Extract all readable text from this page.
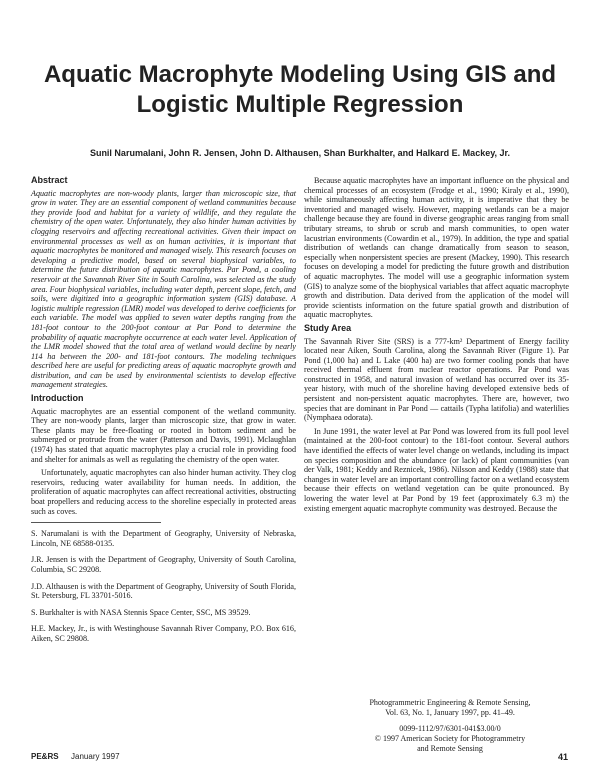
Aquatic Macrophyte Modeling Using GIS and
Logistic Multiple Regression
Sunil Narumalani, John R. Jensen, John D. Althausen, Shan Burkhalter, and Halkard E. Mackey, Jr.
Abstract

Aquatic macrophytes are non-woody plants, larger than microscopic size, that grow in water. They are an essential component of wetland communities because they provide food and habitat for a variety of wildlife, and they regulate the chemistry of the open water. Unfortunately, they also hinder human activities by clogging reservoirs and affecting recreational activities. Given their impact on environmental processes as well as on human activities, it is important that aquatic macrophytes be monitored and managed wisely. This research focuses on developing a predictive model, based on several biophysical variables, to determine the future distribution of aquatic macrophytes. Par Pond, a cooling reservoir at the Savannah River Site in South Carolina, was selected as the study area. Four biophysical variables, including water depth, percent slope, fetch, and soils, were digitized into a geographic information system (GIS) database. A logistic multiple regression (LMR) model was developed to derive coefficients for each variable. The model was applied to seven water depths ranging from the 181-foot contour to the 200-foot contour at Par Pond to determine the probability of aquatic macrophyte occurrence at each water level. Application of the LMR model showed that the total area of wetland would decline by nearly 114 ha between the 200- and 181-foot contours. The modeling techniques described here are useful for predicting areas of aquatic macrophyte growth and distribution, and can be used by environmental scientists to develop effective management strategies.

Introduction

Aquatic macrophytes are an essential component of the wetland community. They are non-woody plants, larger than microscopic size, that grow in water. These plants may be free-floating or rooted in bottom sediment and be submerged or protrude from the water (Patterson and Davis, 1991). Mclaughlan (1974) has stated that aquatic macrophytes play a crucial role in providing food and shelter for animals as well as regulating the chemistry of the open water.

Unfortunately, aquatic macrophytes can also hinder human activity. They clog reservoirs, reducing water availability for human needs. In addition, the proliferation of aquatic macrophytes can affect recreational activities, obstructing boat propellers and reducing access to the shoreline especially in protected areas such as coves.

S. Narumalani is with the Department of Geography, University of Nebraska, Lincoln, NE 68588-0135.
J.R. Jensen is with the Department of Geography, University of South Carolina, Columbia, SC 29208.
J.D. Althausen is with the Department of Geography, University of South Florida, St. Petersburg, FL 33701-5016.
S. Burkhalter is with NASA Stennis Space Center, SSC, MS 39529.
H.E. Mackey, Jr., is with Westinghouse Savannah River Company, P.O. Box 616, Aiken, SC 29808.

Because aquatic macrophytes have an important influence on the physical and chemical processes of an ecosystem (Frodge et al., 1990; Kiraly et al., 1990), while simultaneously affecting human activity, it is imperative that they be inventoried and managed wisely. However, mapping wetlands can be a major challenge because they are found in diverse geographic areas ranging from small tributary streams, to shrub or scrub and marsh communities, to open water lacustrian environments (Cowardin et al., 1979). In addition, the type and spatial distribution of wetlands can change dramatically from season to season, especially when nonpersistent species are present (Mackey, 1990). This research focuses on developing a model for predicting the future growth and distribution of aquatic macrophytes. The model will use a geographic information system (GIS) to analyze some of the biophysical variables that affect aquatic macrophyte growth and distribution. Data derived from the application of the model will provide scientists information on the future spatial growth and distribution of aquatic macrophytes.

Study Area

The Savannah River Site (SRS) is a 777-km² Department of Energy facility located near Aiken, South Carolina, along the Savannah River (Figure 1). Par Pond (1,000 ha) and L Lake (400 ha) are two former cooling ponds that have received thermal effluent from nuclear reactor operations. Par Pond was constructed in 1958, and natural invasion of wetland has occurred over its 35-year history, with much of the shoreline having developed extensive beds of persistent and non-persistent aquatic macrophytes. There are, however, two species that are dominant in Par Pond — cattails (Typha latifolia) and waterlilies (Nymphaea odorata).

In June 1991, the water level at Par Pond was lowered from its full pool level (maintained at the 200-foot contour) to the 181-foot contour. Several authors have identified the effects of water level change on wetlands, including its impact on species composition and the abundance (or lack) of plant communities (van der Valk, 1981; Keddy and Reznicek, 1986). Nilsson and Keddy (1988) state that changes in water level are an important controlling factor on a wetland ecosystem because their effects on wetland vegetation can be quite pronounced. By lowering the water level at Par Pond by 19 feet (approximately 6.3 m) the existing emergent aquatic macrophyte community was destroyed. Because the

Photogrammetric Engineering & Remote Sensing,
Vol. 63, No. 1, January 1997, pp. 41–49.
0099-1112/97/6301-041$3.00/0
© 1997 American Society for Photogrammetry
and Remote Sensing
PE&RS January 1997	41
